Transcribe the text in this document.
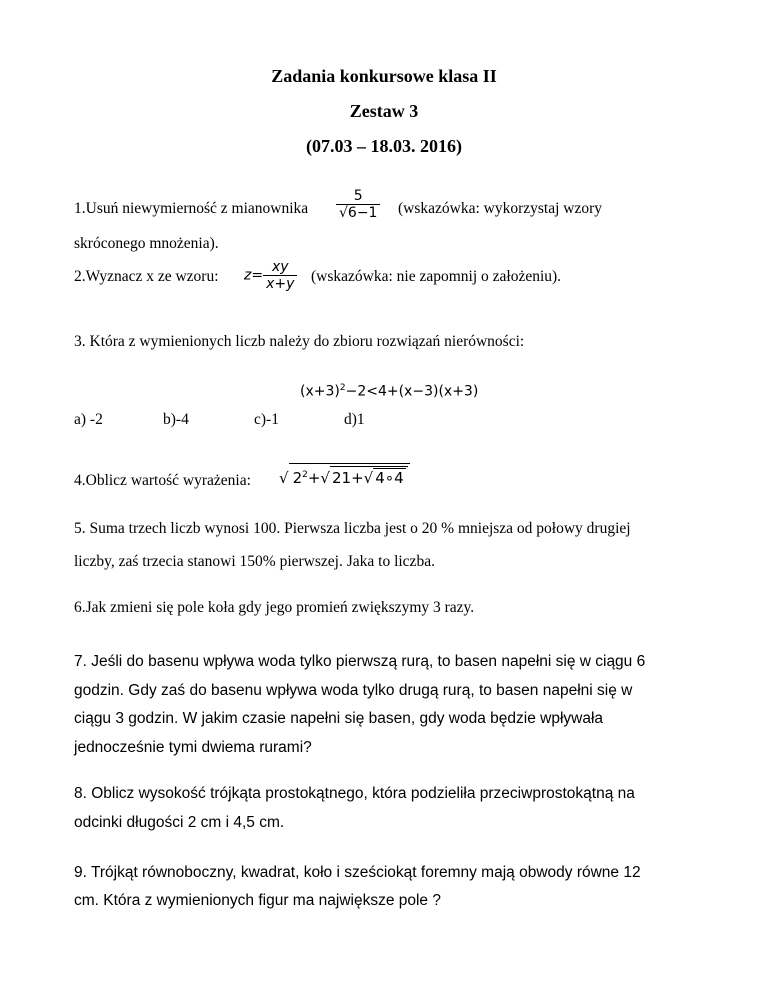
Zadania konkursowe klasa II
Zestaw 3
(07.03 – 18.03. 2016)
1.Usuń niewymierność z mianownika $\frac{5}{√6-1}$ (wskazówka: wykorzystaj wzory
skróconego mnożenia).
2.Wyznacz x ze wzoru: $z= \frac{xy}{x+y}$ (wskazówka: nie zapomnij o założeniu).
3. Która z wymienionych liczb należy do zbioru rozwiązań nierówności:
$(x+3)^2-2<4+(x-3)(x+3)$
a) -2	b)-4	c)-1	d)1
4.Oblicz wartość wyrażenia: √ $2^2+√$ 21+√ 4∘4
5. Suma trzech liczb wynosi 100. Pierwsza liczba jest o 20 % mniejsza od połowy drugiej
liczby, zaś trzecia stanowi 150% pierwszej. Jaka to liczba.
6.Jak zmieni się pole koła gdy jego promień zwiększymy 3 razy.
7. Jeśli do basenu wpływa woda tylko pierwszą rurą, to basen napełni się w ciągu 6
godzin. Gdy zaś do basenu wpływa woda tylko drugą rurą, to basen napełni się w
ciągu 3 godzin. W jakim czasie napełni się basen, gdy woda będzie wpływała
jednocześnie tymi dwiema rurami?
8. Oblicz wysokość trójkąta prostokątnego, która podzieliła przeciwprostokątną na
odcinki długości 2 cm i 4,5 cm.
9. Trójkąt równoboczny, kwadrat, koło i sześciokąt foremny mają obwody równe 12
cm. Która z wymienionych figur ma największe pole ?
